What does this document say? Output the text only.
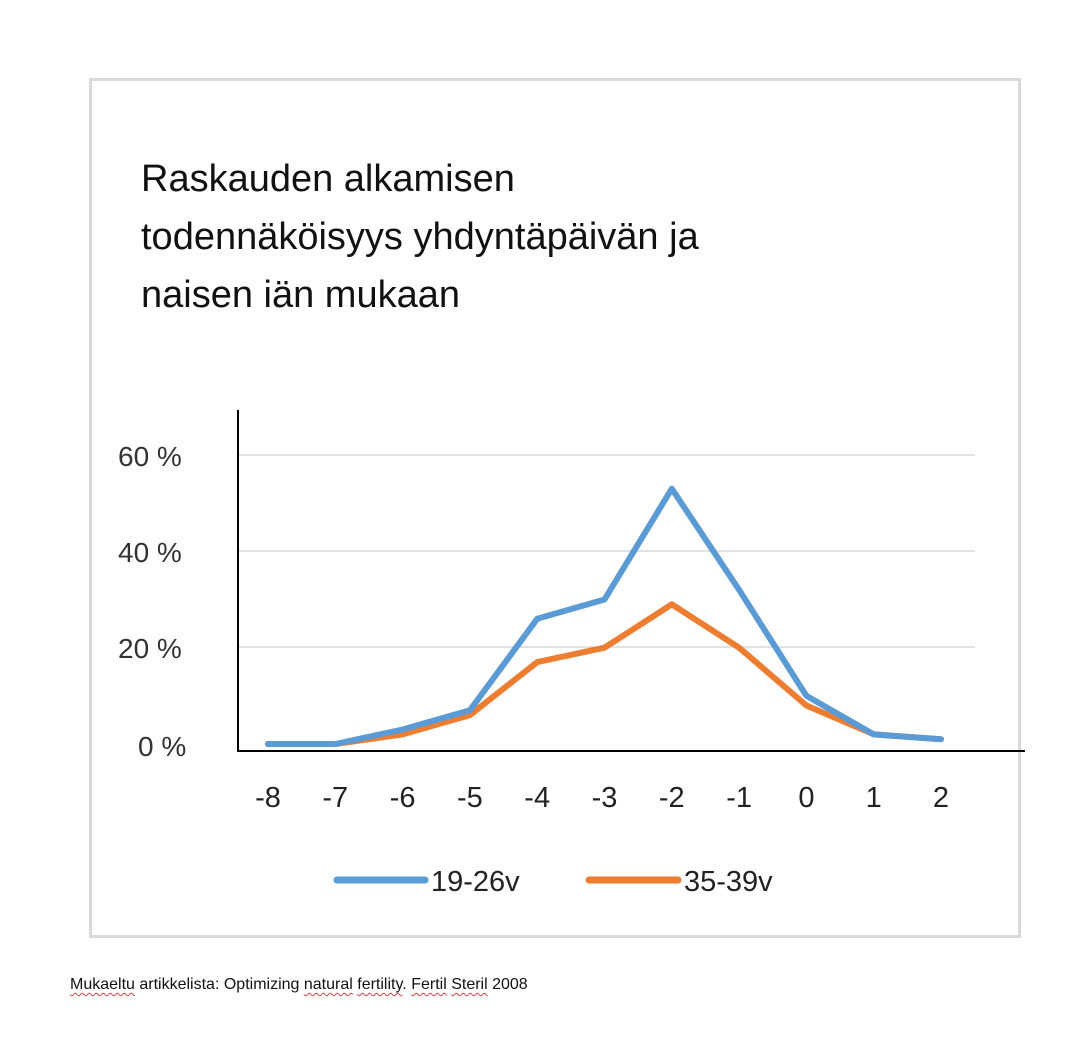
Raskauden alkamisen
todennäköisyys yhdyntäpäivän ja
naisen iän mukaan
60 %
40 %
20 %
0 %
-8 -7 -6 -5 -4 -3 -2 -1 0 1 2
19-26v	35-39v
Mukaeltu artikkelista: Optimizing natural fertility. Fertil Steril 2008
